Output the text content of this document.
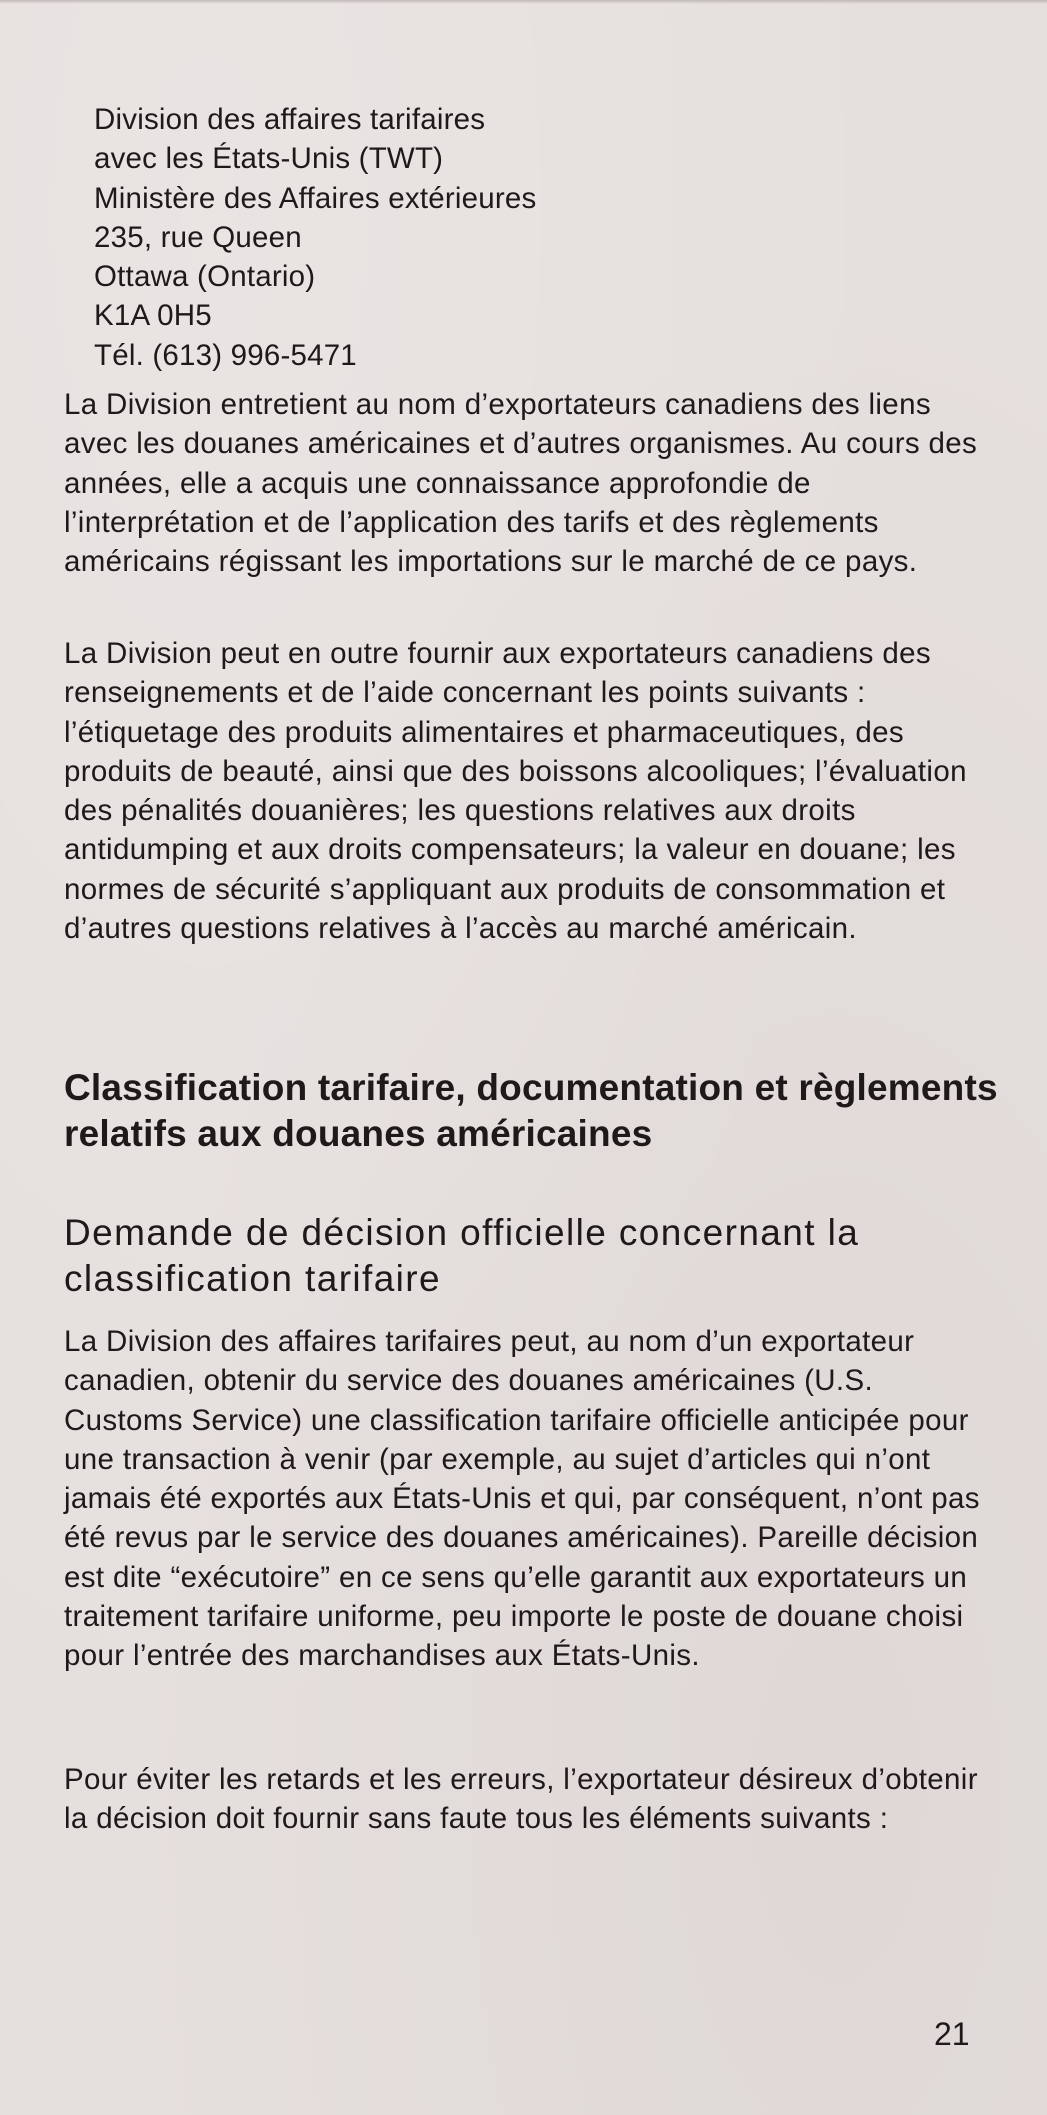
Division des affaires tarifaires
avec les États-Unis (TWT)
Ministère des Affaires extérieures
235, rue Queen
Ottawa (Ontario)
K1A 0H5
Tél. (613) 996-5471

La Division entretient au nom d’exportateurs canadiens des liens avec les douanes américaines et d’autres organismes. Au cours des années, elle a acquis une connaissance approfondie de l’interprétation et de l’application des tarifs et des règlements américains régissant les importations sur le marché de ce pays.

La Division peut en outre fournir aux exportateurs canadiens des renseignements et de l’aide concernant les points suivants : l’étiquetage des produits alimentaires et pharmaceutiques, des produits de beauté, ainsi que des boissons alcooliques; l’évaluation des pénalités douanières; les questions relatives aux droits antidumping et aux droits compensateurs; la valeur en douane; les normes de sécurité s’appliquant aux produits de consommation et d’autres questions relatives à l’accès au marché américain.

Classification tarifaire, documentation et règlements relatifs aux douanes américaines
Demande de décision officielle concernant la classification tarifaire

La Division des affaires tarifaires peut, au nom d’un exportateur canadien, obtenir du service des douanes américaines (U.S. Customs Service) une classification tarifaire officielle anticipée pour une transaction à venir (par exemple, au sujet d’articles qui n’ont jamais été exportés aux États-Unis et qui, par conséquent, n’ont pas été revus par le service des douanes américaines). Pareille décision est dite “exécutoire” en ce sens qu’elle garantit aux exportateurs un traitement tarifaire uniforme, peu importe le poste de douane choisi pour l’entrée des marchandises aux États-Unis.

Pour éviter les retards et les erreurs, l’exportateur désireux d’obtenir la décision doit fournir sans faute tous les éléments suivants :

21
